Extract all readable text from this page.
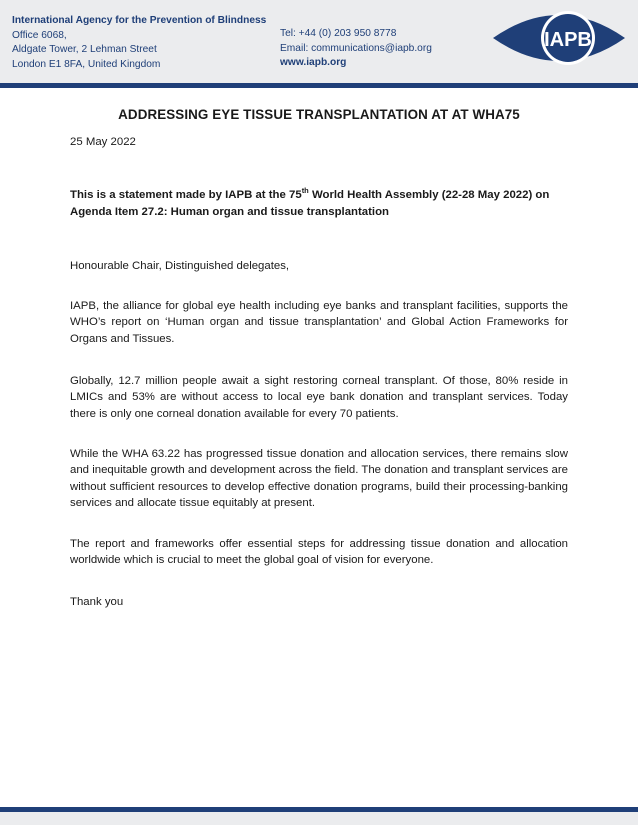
International Agency for the Prevention of Blindness
Office 6068,
Aldgate Tower, 2 Lehman Street
London E1 8FA, United Kingdom
Tel: +44 (0) 203 950 8778
Email: communications@iapb.org
www.iapb.org
IAPB
ADDRESSING EYE TISSUE TRANSPLANTATION AT AT WHA75
25 May 2022
This is a statement made by IAPB at the 75th World Health Assembly (22-28 May 2022) on Agenda Item 27.2: Human organ and tissue transplantation
Honourable Chair, Distinguished delegates,
IAPB, the alliance for global eye health including eye banks and transplant facilities, supports the WHO’s report on ‘Human organ and tissue transplantation’ and Global Action Frameworks for Organs and Tissues.
Globally, 12.7 million people await a sight restoring corneal transplant. Of those, 80% reside in LMICs and 53% are without access to local eye bank donation and transplant services. Today there is only one corneal donation available for every 70 patients.
While the WHA 63.22 has progressed tissue donation and allocation services, there remains slow and inequitable growth and development across the field. The donation and transplant services are without sufficient resources to develop effective donation programs, build their processing-banking services and allocate tissue equitably at present.
The report and frameworks offer essential steps for addressing tissue donation and allocation worldwide which is crucial to meet the global goal of vision for everyone.
Thank you
